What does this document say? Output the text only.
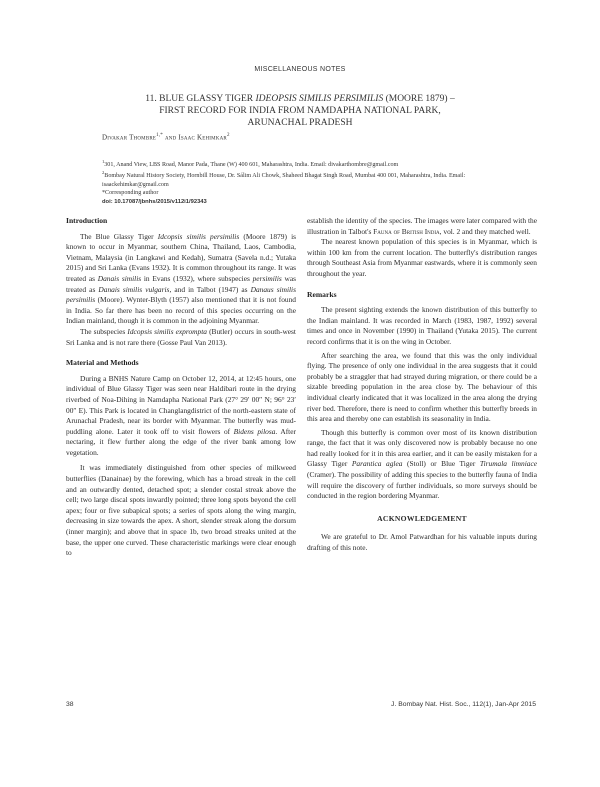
MISCELLANEOUS NOTES
11. BLUE GLASSY TIGER IDEOPSIS SIMILIS PERSIMILIS (MOORE 1879) –
FIRST RECORD FOR INDIA FROM NAMDAPHA NATIONAL PARK,
ARUNACHAL PRADESH
Divakar Thombre$^{1,*}$ and Isaac Kehimkar$^2$
$^1$301, Anand View, LBS Road, Manor Pada, Thane (W) 400 601, Maharashtra, India. Email: divakarthombre@gmail.com
$^2$Bombay Natural History Society, Hornbill House, Dr. Sálim Ali Chowk, Shaheed Bhagat Singh Road, Mumbai 400 001, Maharashtra, India. Email: isaackehimkar@gmail.com
*Corresponding author
doi: 10.17087/jbnhs/2015/v112i1/92343
Introduction

The Blue Glassy Tiger Idcopsis similis persimilis (Moore 1879) is known to occur in Myanmar, southern China, Thailand, Laos, Cambodia, Vietnam, Malaysia (in Langkawi and Kedah), Sumatra (Savela n.d.; Yutaka 2015) and Sri Lanka (Evans 1932). It is common throughout its range. It was treated as Danais similis in Evans (1932), where subspecies persimilis was treated as Danais similis vulgaris, and in Talbot (1947) as Danaus similis persimilis (Moore). Wynter-Blyth (1957) also mentioned that it is not found in India. So far there has been no record of this species occurring on the Indian mainland, though it is common in the adjoining Myanmar.

The subspecies Idcopsis similis exprompta (Butler) occurs in south-west Sri Lanka and is not rare there (Gosse Paul Van 2013).

Material and Methods

During a BNHS Nature Camp on October 12, 2014, at 12:45 hours, one individual of Blue Glassy Tiger was seen near Haldibari route in the drying riverbed of Noa-Dihing in Namdapha National Park (27° 29′ 00″ N; 96° 23′ 00″ E). This Park is located in Changlangdistrict of the north-eastern state of Arunachal Pradesh, near its border with Myanmar. The butterfly was mud-puddling alone. Later it took off to visit flowers of Bidens pilosa. After nectaring, it flew further along the edge of the river bank among low vegetation.

It was immediately distinguished from other species of milkweed butterflies (Danainae) by the forewing, which has a broad streak in the cell and an outwardly dented, detached spot; a slender costal streak above the cell; two large discal spots inwardly pointed; three long spots beyond the cell apex; four or five subapical spots; a series of spots along the wing margin, decreasing in size towards the apex. A short, slender streak along the dorsum (inner margin); and above that in space 1b, two broad streaks united at the base, the upper one curved. These characteristic markings were clear enough to

establish the identity of the species. The images were later compared with the illustration in Talbot's Fauna of British India, vol. 2 and they matched well.

The nearest known population of this species is in Myanmar, which is within 100 km from the current location. The butterfly's distribution ranges through Southeast Asia from Myanmar eastwards, where it is commonly seen throughout the year.

Remarks

The present sighting extends the known distribution of this butterfly to the Indian mainland. It was recorded in March (1983, 1987, 1992) several times and once in November (1990) in Thailand (Yutaka 2015). The current record confirms that it is on the wing in October.

After searching the area, we found that this was the only individual flying. The presence of only one individual in the area suggests that it could probably be a straggler that had strayed during migration, or there could be a sizable breeding population in the area close by. The behaviour of this individual clearly indicated that it was localized in the area along the drying river bed. Therefore, there is need to confirm whether this butterfly breeds in this area and thereby one can establish its seasonality in India.

Though this butterfly is common over most of its known distribution range, the fact that it was only discovered now is probably because no one had really looked for it in this area earlier, and it can be easily mistaken for a Glassy Tiger Parantica aglea (Stoll) or Blue Tiger Tirumala limniace (Cramer). The possibility of adding this species to the butterfly fauna of India will require the discovery of further individuals, so more surveys should be conducted in the region bordering Myanmar.

ACKNOWLEDGEMENT

We are grateful to Dr. Amol Patwardhan for his valuable inputs during drafting of this note.

38	J. Bombay Nat. Hist. Soc., 112(1), Jan-Apr 2015
